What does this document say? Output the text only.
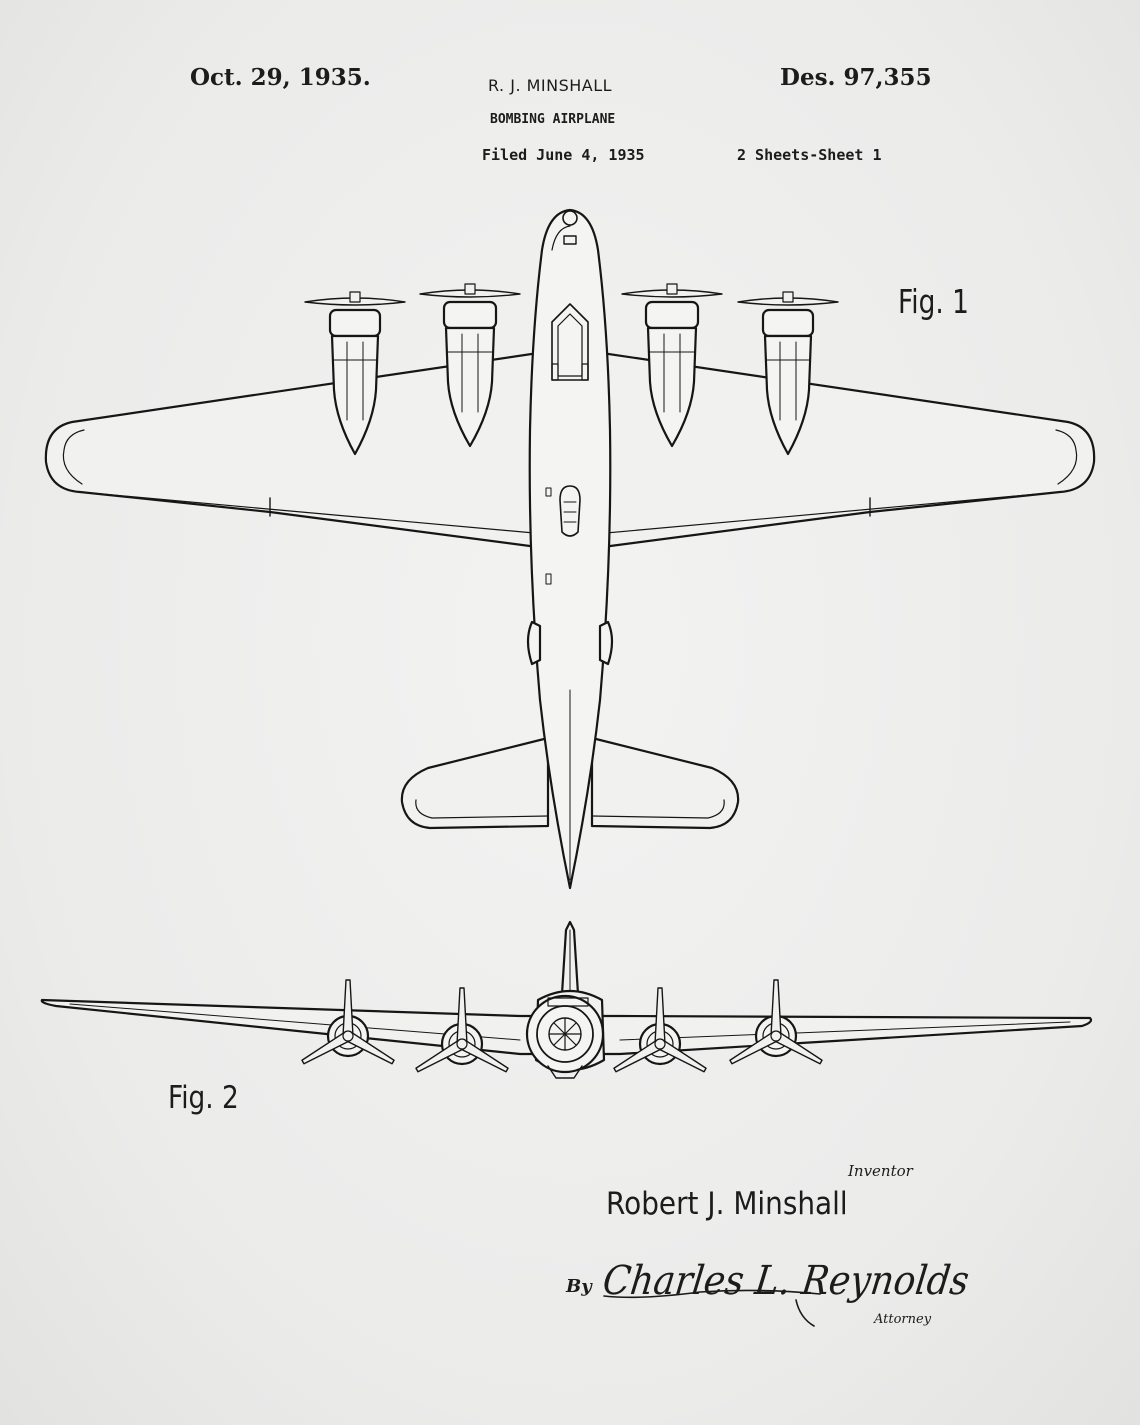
Oct. 29, 1935.	R. J. MINSHALL
BOMBING AIRPLANE
Filed June 4, 1935
Des. 97,355
2 Sheets-Sheet 1
Fig. 1
Fig. 2
Inventor
Robert J. Minshall
By Charles L. Reynolds
Attorney
